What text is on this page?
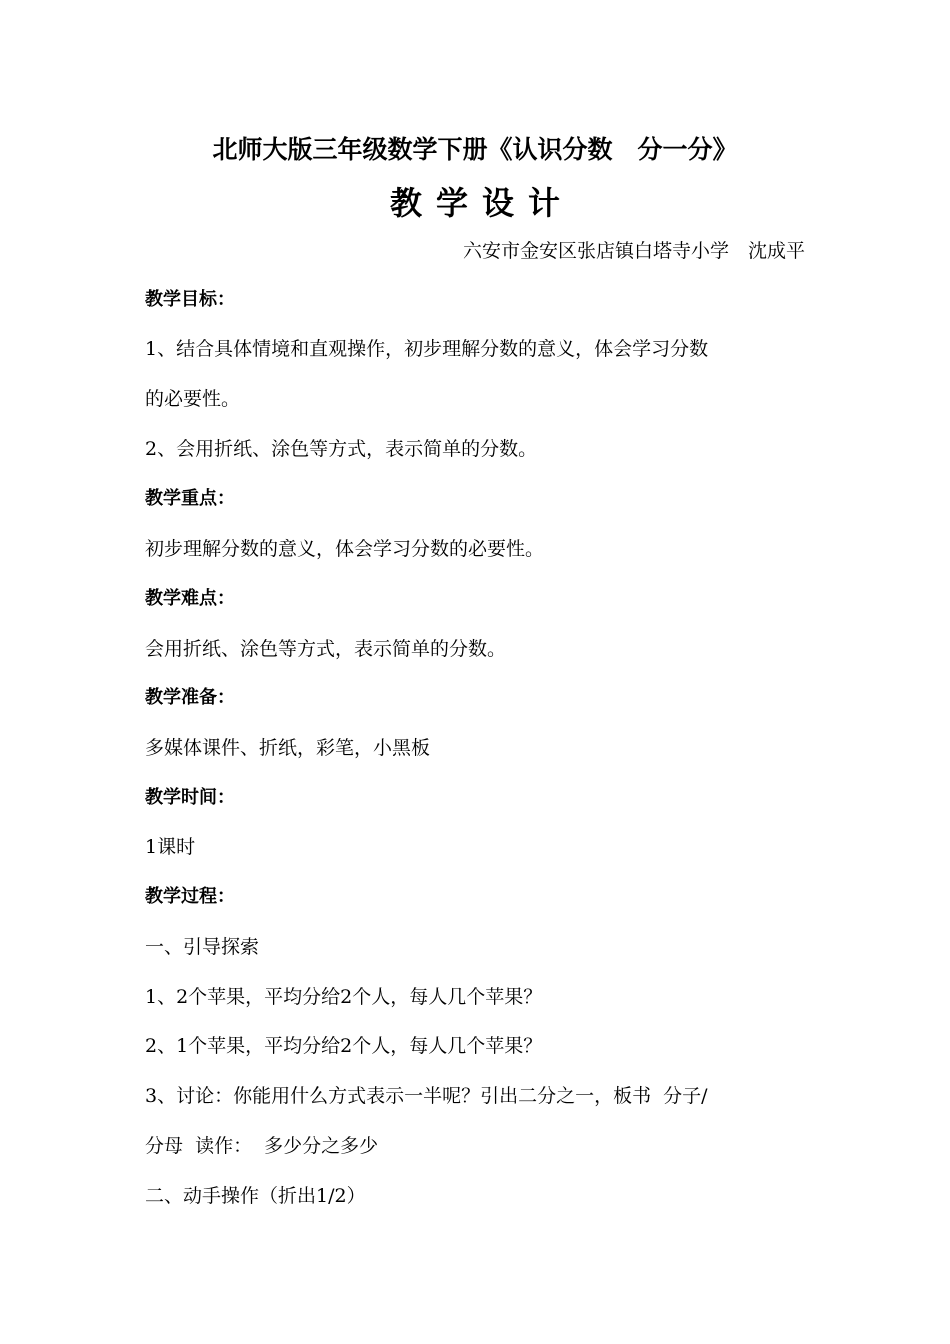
北师大版三年级数学下册《认识分数　分一分》
教学设计
六安市金安区张店镇白塔寺小学　沈成平
教学目标：
1、结合具体情境和直观操作，初步理解分数的意义，体会学习分数
的必要性。
2、会用折纸、涂色等方式，表示简单的分数。
教学重点：
初步理解分数的意义，体会学习分数的必要性。
教学难点：
会用折纸、涂色等方式，表示简单的分数。
教学准备：
多媒体课件、折纸，彩笔，小黑板
教学时间：
1课时
教学过程：
一、引导探索
1、2个苹果，平均分给2个人，每人几个苹果？
2、1个苹果，平均分给2个人，每人几个苹果？
3、讨论：你能用什么方式表示一半呢？引出二分之一，板书  分子/
分母  读作：  多少分之多少
二、动手操作（折出1/2）
